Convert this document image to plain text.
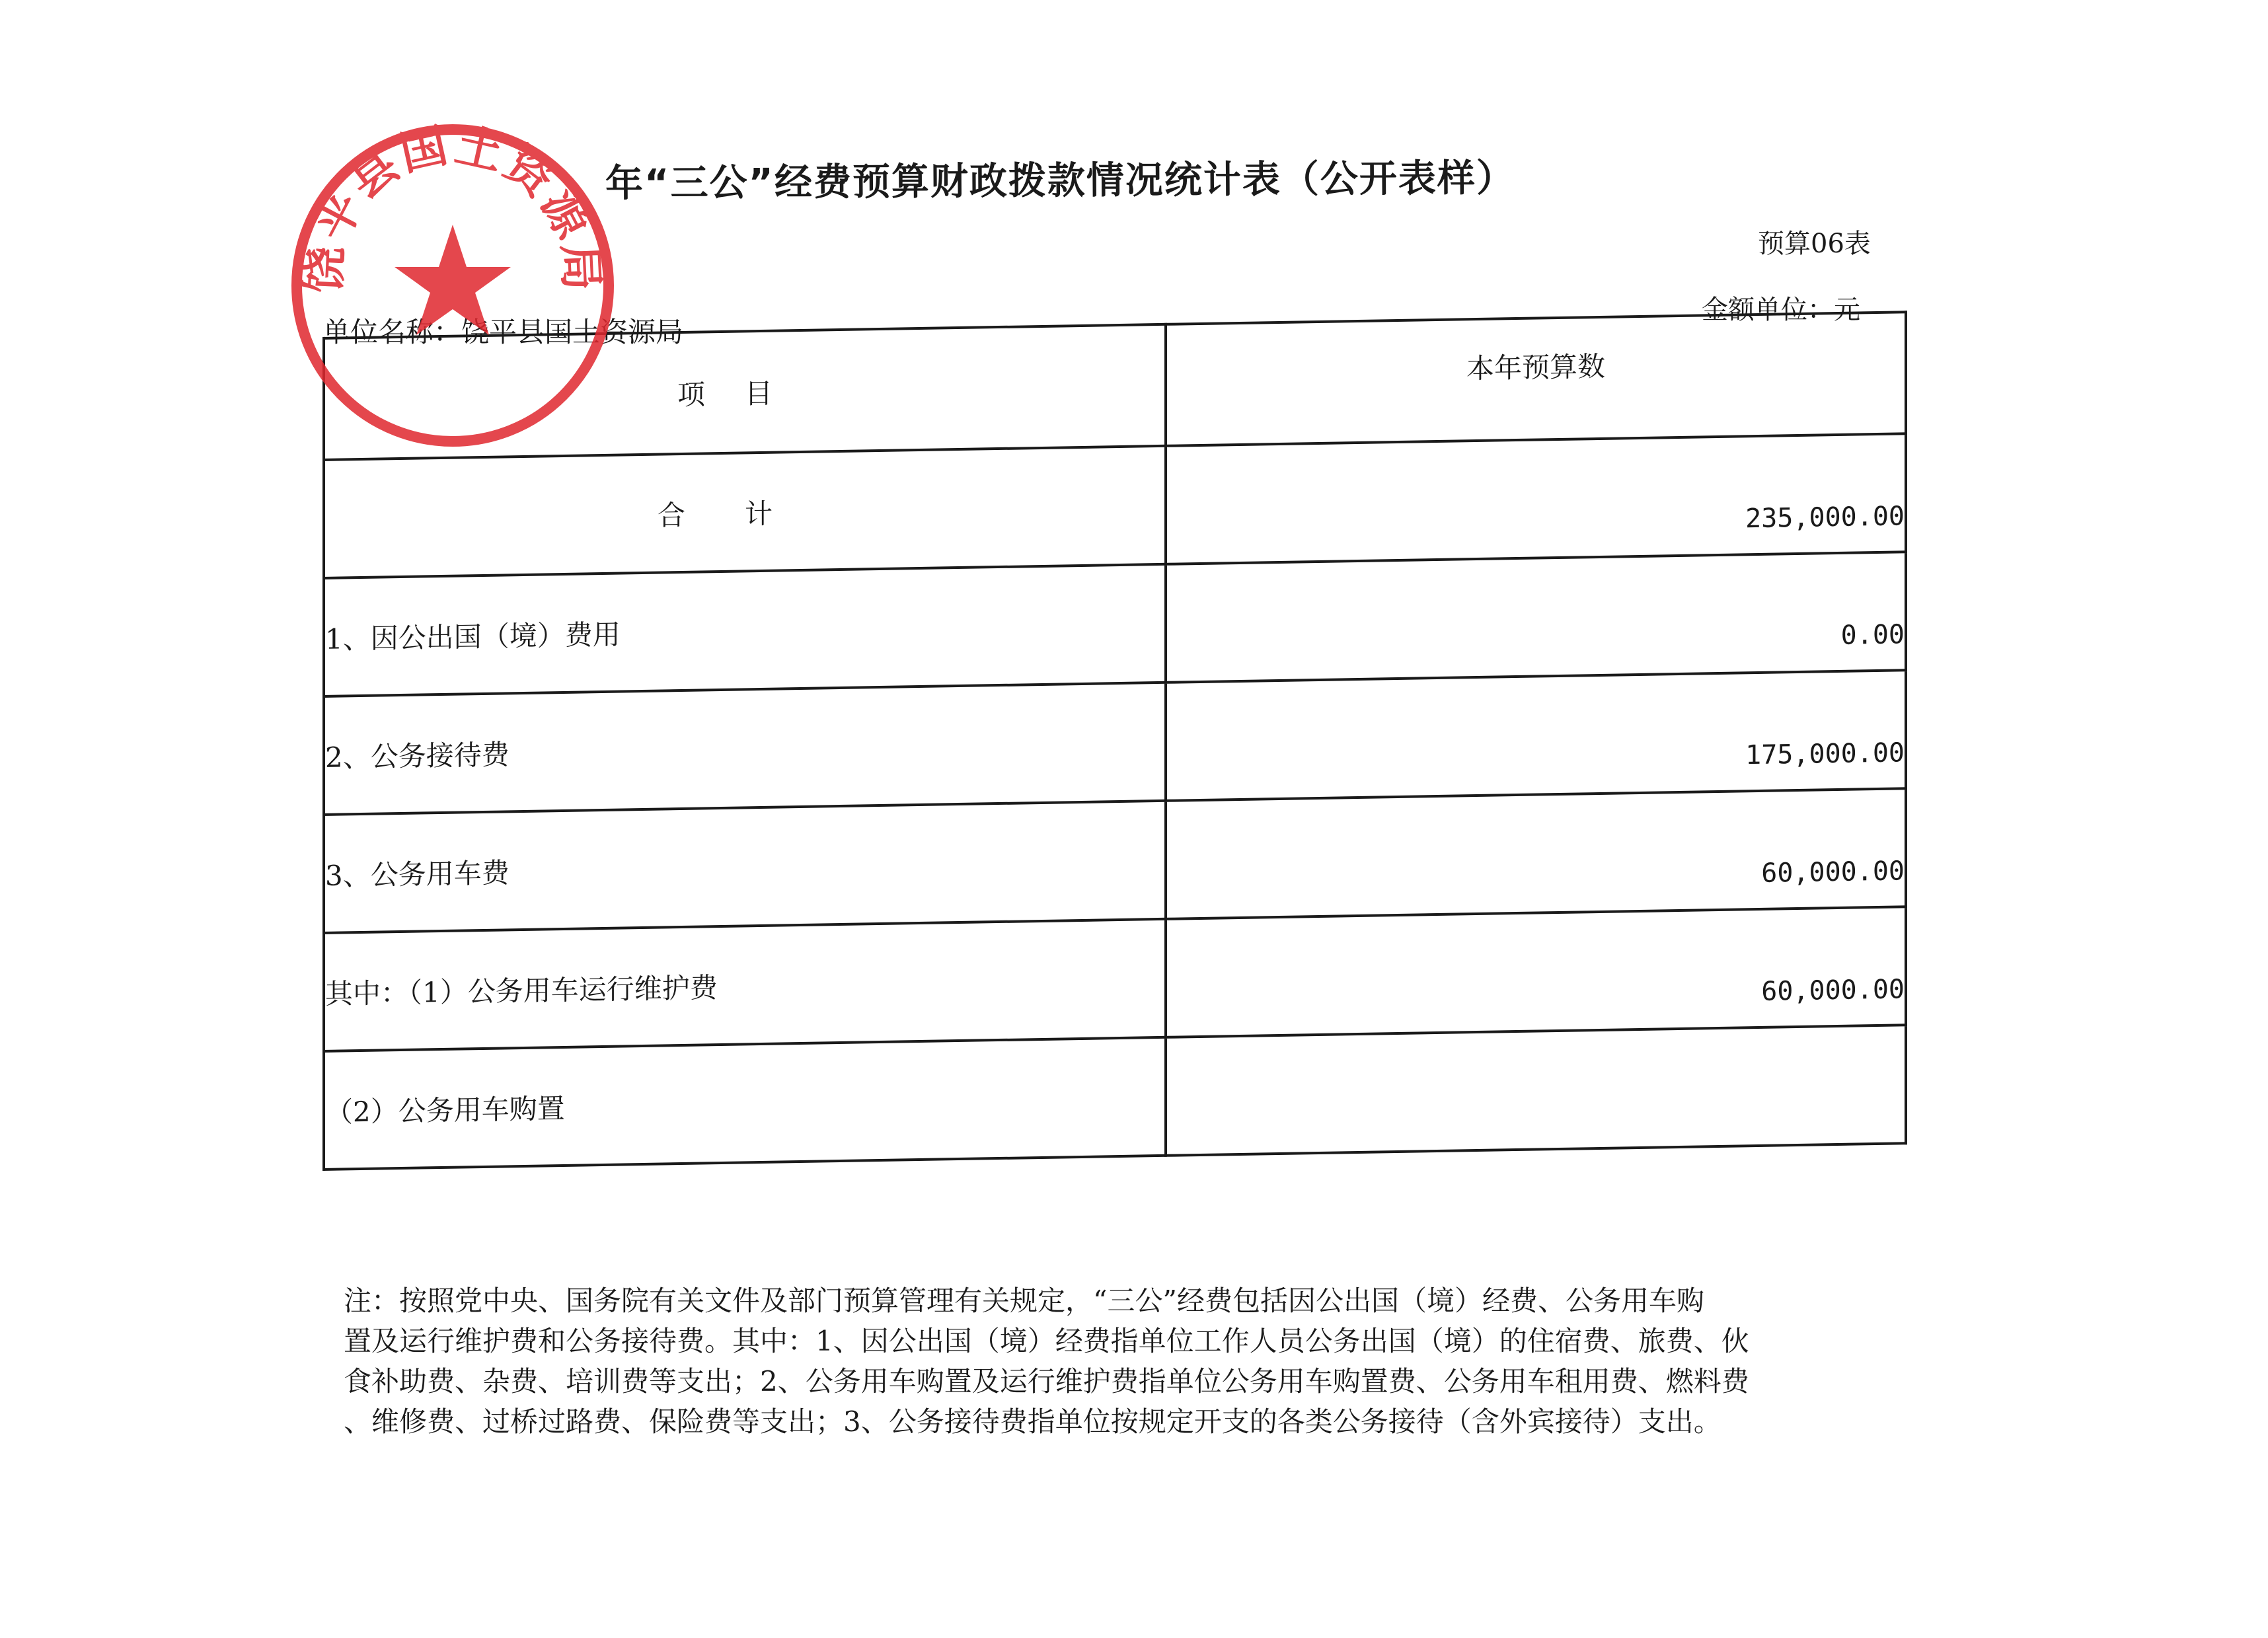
年“三公”经费预算财政拨款情况统计表（公开表样）
预算06表
金额单位：元
单位名称：饶平县国土资源局
项目	本年预算数
合计	235,000.00
1、因公出国（境）费用	0.00
2、公务接待费	175,000.00
3、公务用车费	60,000.00
其中：（1）公务用车运行维护费	60,000.00
（2）公务用车购置	

注：按照党中央、国务院有关文件及部门预算管理有关规定，“三公”经费包括因公出国（境）经费、公务用车购

置及运行维护费和公务接待费。其中：1、因公出国（境）经费指单位工作人员公务出国（境）的住宿费、旅费、伙

食补助费、杂费、培训费等支出；2、公务用车购置及运行维护费指单位公务用车购置费、公务用车租用费、燃料费

、维修费、过桥过路费、保险费等支出；3、公务接待费指单位按规定开支的各类公务接待（含外宾接待）支出。

饶平县国土资源局
